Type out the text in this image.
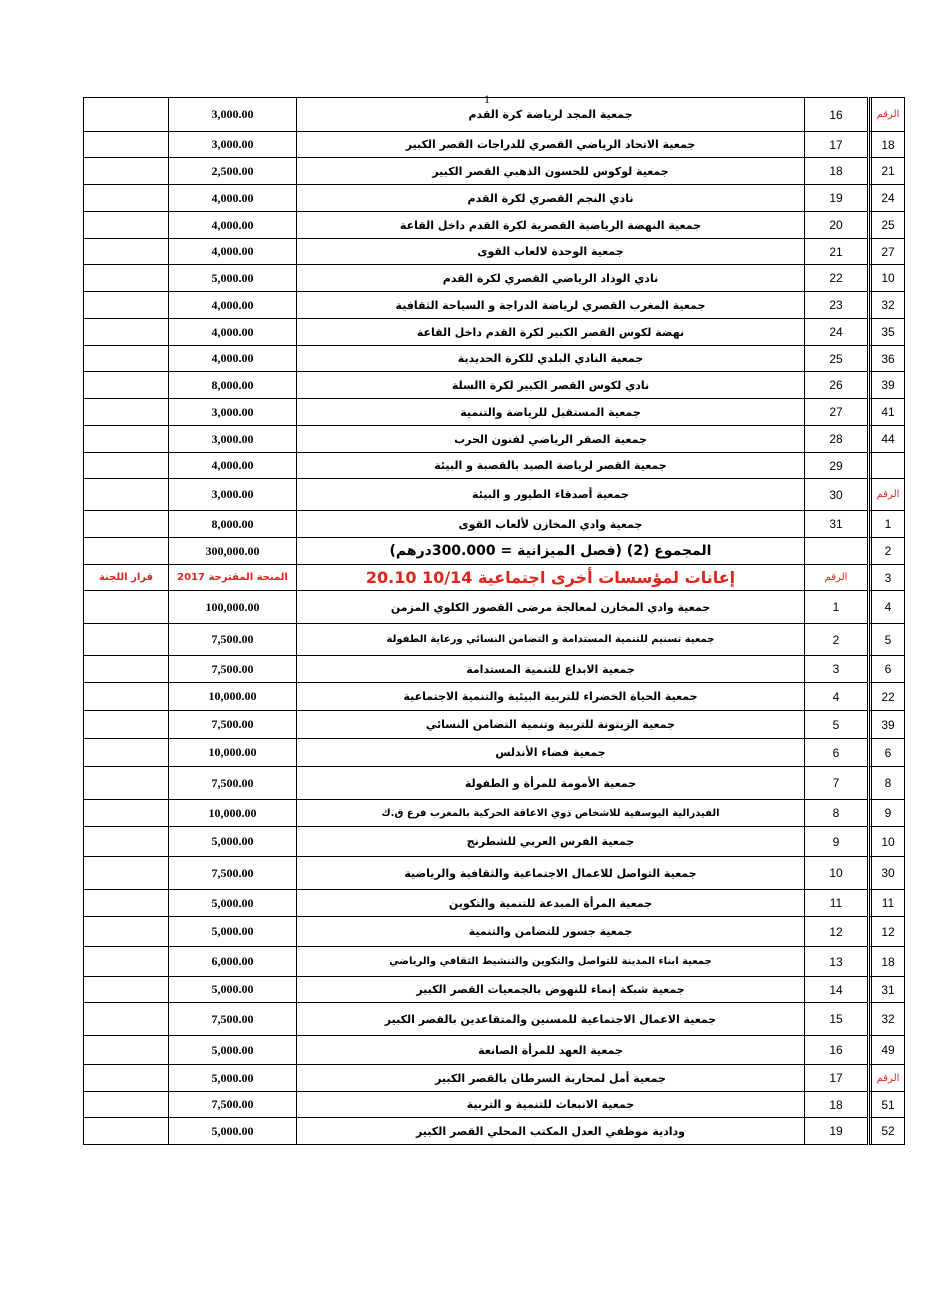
1
	3,000.00	جمعية المجد لرياضة كرة القدم	16		الرقم
	3,000.00	جمعية الاتحاد الرياضي القصري للدراجات القصر الكبير	17		18
	2,500.00	جمعية لوكوس للحسون الذهبي القصر الكبير	18		21
	4,000.00	نادي النجم القصري لكرة القدم	19		24
	4,000.00	جمعية النهضة الرياضية القصرية لكرة القدم داخل القاعة	20		25
	4,000.00	جمعية الوحدة لالعاب القوى	21		27
	5,000.00	نادي الوداد الرياضي القصري لكرة القدم	22		10
	4,000.00	جمعية المغرب القصري لرياضة الدراجة و السياحة الثقافية	23		32
	4,000.00	نهضة لكوس القصر الكبير لكرة القدم داخل القاعة	24		35
	4,000.00	جمعية النادي البلدي للكرة الحديدية	25		36
	8,000.00	نادي لكوس القصر الكبير لكرة االسلة	26		39
	3,000.00	جمعية المستقبل للرياضة والتنمية	27		41
	3,000.00	جمعية الصقر الرياضي لفنون الحرب	28		44
	4,000.00	جمعية القصر لرياضة الصيد بالقصبة و البيئة	29		
	3,000.00	جمعية أصدقاء الطيور و البيئة	30		الرقم
	8,000.00	جمعية وادي المخازن لألعاب القوى	31		1
	300,000.00	المجموع (2) (فصل الميزانية = 300.000درهم)			2
قرار اللجنة	المنحة المقترحة 2017	إعانات لمؤسسات أخرى اجتماعية 10/14 20.10	الرقم		3
	100,000.00	جمعية وادي المخازن لمعالجة مرضى القصور الكلوي المزمن	1		4
	7,500.00	جمعية تسنيم للتنمية المستدامة و التضامن النسائي ورعاية الطفولة	2		5
	7,500.00	جمعية الابداع للتنمية المستدامة	3		6
	10,000.00	جمعية الحياة الخضراء للتربية البيئية والتنمية الاجتماعية	4		22
	7,500.00	جمعية الزيتونة للتربية وتنمية التضامن النسائي	5		39
	10,000.00	جمعية فضاء الأندلس	6		6
	7,500.00	جمعية الأمومة للمرأة و الطفولة	7		8
	10,000.00	الفيدرالية اليوسفية للاشخاص ذوي الاعاقة الحركية بالمغرب فرع ق.ك	8		9
	5,000.00	جمعية الفرس العربي للشطرنج	9		10
	7,500.00	جمعية التواصل للاعمال الاجتماعية والثقافية والرياضية	10		30
	5,000.00	جمعية المرأة المبدعة للتنمية والتكوين	11		11
	5,000.00	جمعية جسور للتضامن والتنمية	12		12
	6,000.00	جمعية ابناء المدينة للتواصل والتكوين والتنشيط الثقافي والرياضي	13		18
	5,000.00	جمعية شبكة إنماء للنهوض بالجمعيات القصر الكبير	14		31
	7,500.00	جمعية الاعمال الاجتماعية للمسنين والمتقاعدين بالقصر الكبير	15		32
	5,000.00	جمعية العهد للمرأة الصانعة	16		49
	5,000.00	جمعية أمل لمحاربة السرطان بالقصر الكبير	17		الرقم
	7,500.00	جمعية الانبعاث للتنمية و التربية	18		51
	5,000.00	ودادية موظفي العدل المكتب المحلي القصر الكبير	19		52
